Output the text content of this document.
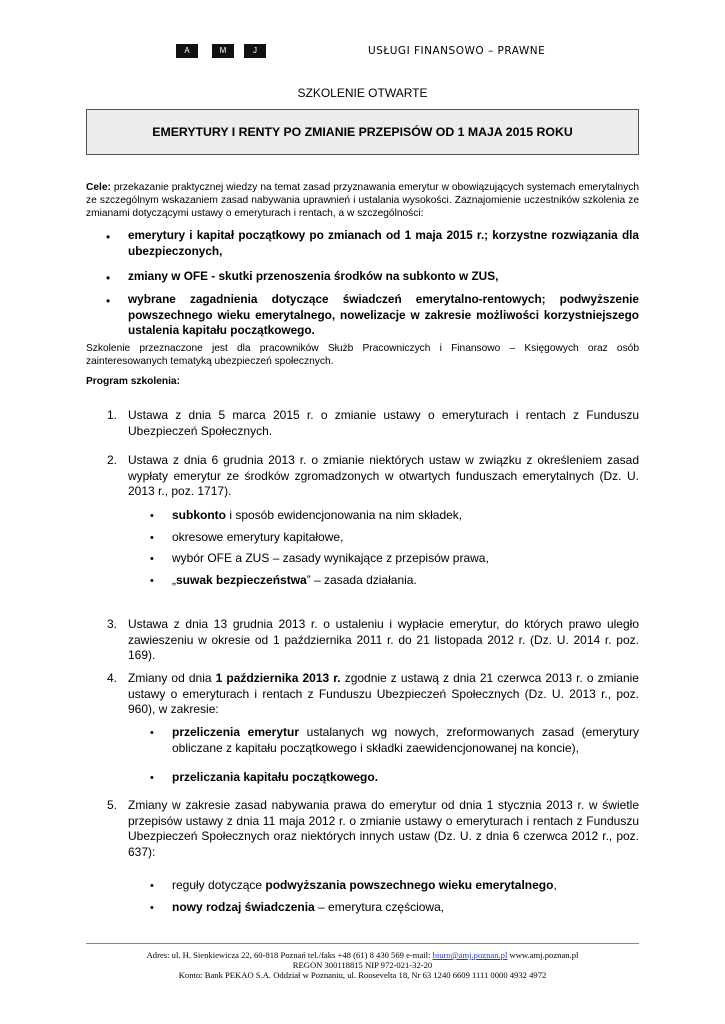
A	M	J	USŁUGI FINANSOWO – PRAWNE
SZKOLENIE OTWARTE
EMERYTURY I RENTY PO ZMIANIE PRZEPISÓW OD 1 MAJA 2015 ROKU
Cele: przekazanie praktycznej wiedzy na temat zasad przyznawania emerytur w obowiązujących systemach emerytalnych ze szczególnym wskazaniem zasad nabywania uprawnień i ustalania wysokości. Zaznajomienie uczestników szkolenia ze zmianami dotyczącymi ustawy o emeryturach i rentach, a w szczególności:
• emerytury i kapitał początkowy po zmianach od 1 maja 2015 r.; korzystne rozwiązania dla ubezpieczonych,
• zmiany w OFE - skutki przenoszenia środków na subkonto w ZUS,
• wybrane zagadnienia dotyczące świadczeń emerytalno-rentowych; podwyższenie powszechnego wieku emerytalnego, nowelizacje w zakresie możliwości korzystniejszego ustalenia kapitału początkowego.
Szkolenie przeznaczone jest dla pracowników Służb Pracowniczych i Finansowo – Księgowych oraz osób zainteresowanych tematyką ubezpieczeń społecznych.
Program szkolenia:
1. Ustawa z dnia 5 marca 2015 r. o zmianie ustawy o emeryturach i rentach z Funduszu Ubezpieczeń Społecznych.
2. Ustawa z dnia 6 grudnia 2013 r. o zmianie niektórych ustaw w związku z określeniem zasad wypłaty emerytur ze środków zgromadzonych w otwartych funduszach emerytalnych (Dz. U. 2013 r., poz. 1717).
• subkonto i sposób ewidencjonowania na nim składek,
• okresowe emerytury kapitałowe,
• wybór OFE a ZUS – zasady wynikające z przepisów prawa,
• „suwak bezpieczeństwa” – zasada działania.
3. Ustawa z dnia 13 grudnia 2013 r. o ustaleniu i wypłacie emerytur, do których prawo uległo zawieszeniu w okresie od 1 października 2011 r. do 21 listopada 2012 r. (Dz. U. 2014 r. poz. 169).
4. Zmiany od dnia 1 października 2013 r. zgodnie z ustawą z dnia 21 czerwca 2013 r. o zmianie ustawy o emeryturach i rentach z Funduszu Ubezpieczeń Społecznych (Dz. U. 2013 r., poz. 960), w zakresie:
• przeliczenia emerytur ustalanych wg nowych, zreformowanych zasad (emerytury obliczane z kapitału początkowego i składki zaewidencjonowanej na koncie),
• przeliczania kapitału początkowego.
5. Zmiany w zakresie zasad nabywania prawa do emerytur od dnia 1 stycznia 2013 r. w świetle przepisów ustawy z dnia 11 maja 2012 r. o zmianie ustawy o emeryturach i rentach z Funduszu Ubezpieczeń Społecznych oraz niektórych innych ustaw (Dz. U. z dnia 6 czerwca 2012 r., poz. 637):
• reguły dotyczące podwyższania powszechnego wieku emerytalnego,
• nowy rodzaj świadczenia – emerytura częściowa,
Adres: ul. H. Sienkiewicza 22, 60-818 Poznań tel./faks +48 (61) 8 430 569 e-mail: biuro@amj.poznan.pl www.amj.poznan.pl
REGON 300118815 NIP 972-021-32-20
Konto: Bank PEKAO S.A. Oddział w Poznaniu, ul. Roosevelta 18, Nr 63 1240 6609 1111 0000 4932 4972
